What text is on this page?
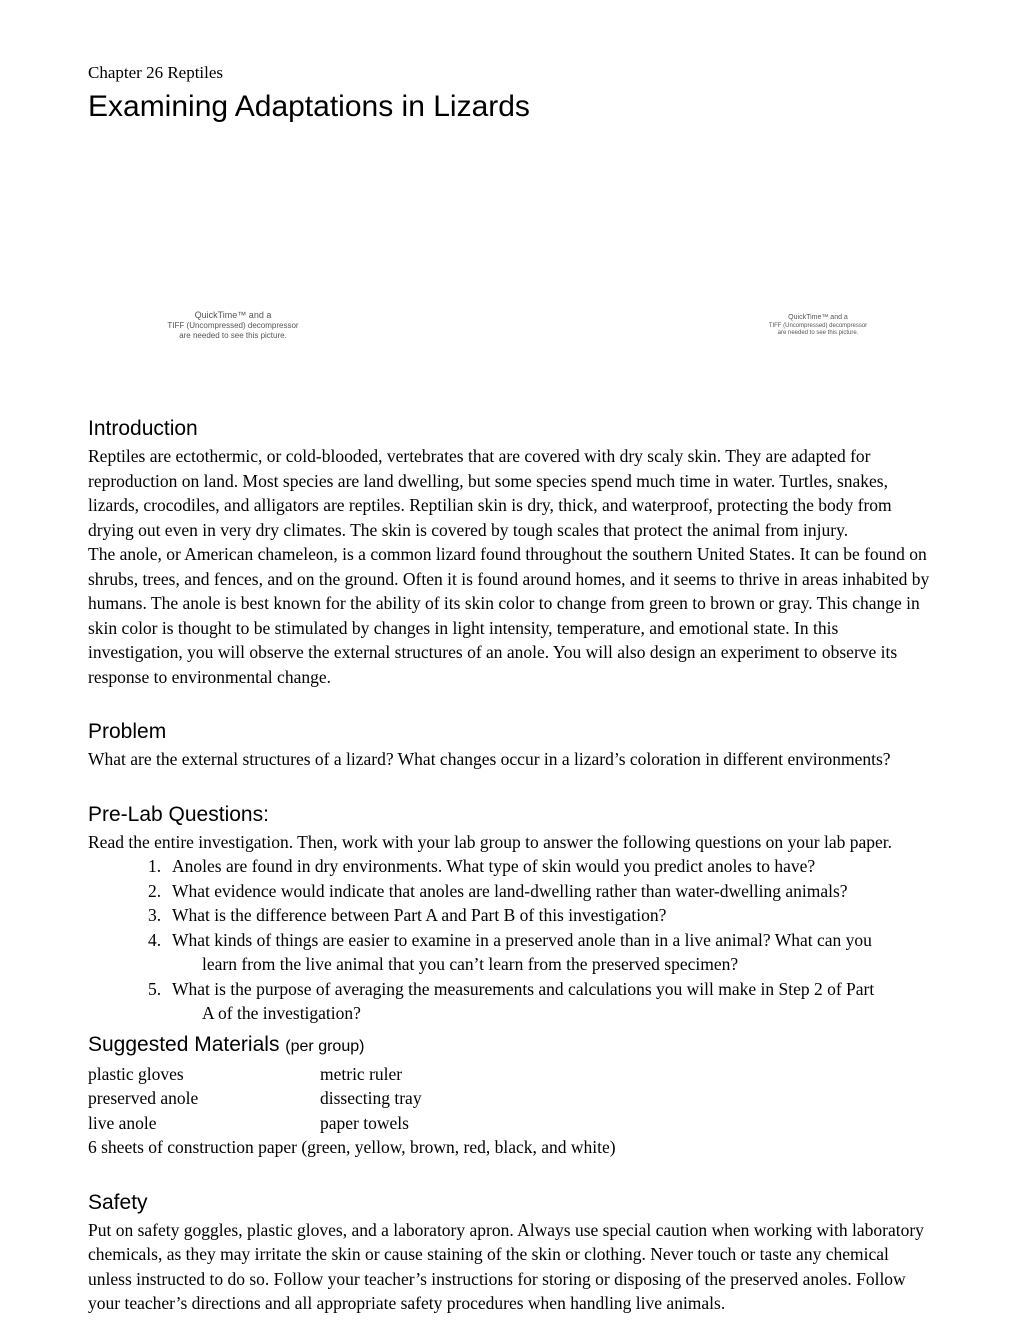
Chapter 26 Reptiles
Examining Adaptations in Lizards
QuickTime™ and a
TIFF (Uncompressed) decompressor
are needed to see this picture.
QuickTime™ and a
TIFF (Uncompressed) decompressor
are needed to see this picture.
Introduction

Reptiles are ectothermic, or cold-blooded, vertebrates that are covered with dry scaly skin. They are adapted for reproduction on land. Most species are land dwelling, but some species spend much time in water. Turtles, snakes, lizards, crocodiles, and alligators are reptiles. Reptilian skin is dry, thick, and waterproof, protecting the body from drying out even in very dry climates. The skin is covered by tough scales that protect the animal from injury.

The anole, or American chameleon, is a common lizard found throughout the southern United States. It can be found on shrubs, trees, and fences, and on the ground. Often it is found around homes, and it seems to thrive in areas inhabited by humans. The anole is best known for the ability of its skin color to change from green to brown or gray. This change in skin color is thought to be stimulated by changes in light intensity, temperature, and emotional state. In this investigation, you will observe the external structures of an anole. You will also design an experiment to observe its response to environmental change.

Problem

What are the external structures of a lizard? What changes occur in a lizard’s coloration in different environments?

Pre-Lab Questions:

Read the entire investigation. Then, work with your lab group to answer the following questions on your lab paper.

1. Anoles are found in dry environments. What type of skin would you predict anoles to have?
2. What evidence would indicate that anoles are land-dwelling rather than water-dwelling animals?
3. What is the difference between Part A and Part B of this investigation?
4. What kinds of things are easier to examine in a preserved anole than in a live animal? What can you
learn from the live animal that you can’t learn from the preserved specimen?
5. What is the purpose of averaging the measurements and calculations you will make in Step 2 of Part
A of the investigation?
Suggested Materials (per group)
plastic gloves	metric ruler
preserved anole	dissecting tray
live anole	paper towels
6 sheets of construction paper (green, yellow, brown, red, black, and white)
Safety

Put on safety goggles, plastic gloves, and a laboratory apron. Always use special caution when working with laboratory chemicals, as they may irritate the skin or cause staining of the skin or clothing. Never touch or taste any chemical unless instructed to do so. Follow your teacher’s instructions for storing or disposing of the preserved anoles. Follow your teacher’s directions and all appropriate safety procedures when handling live animals.
